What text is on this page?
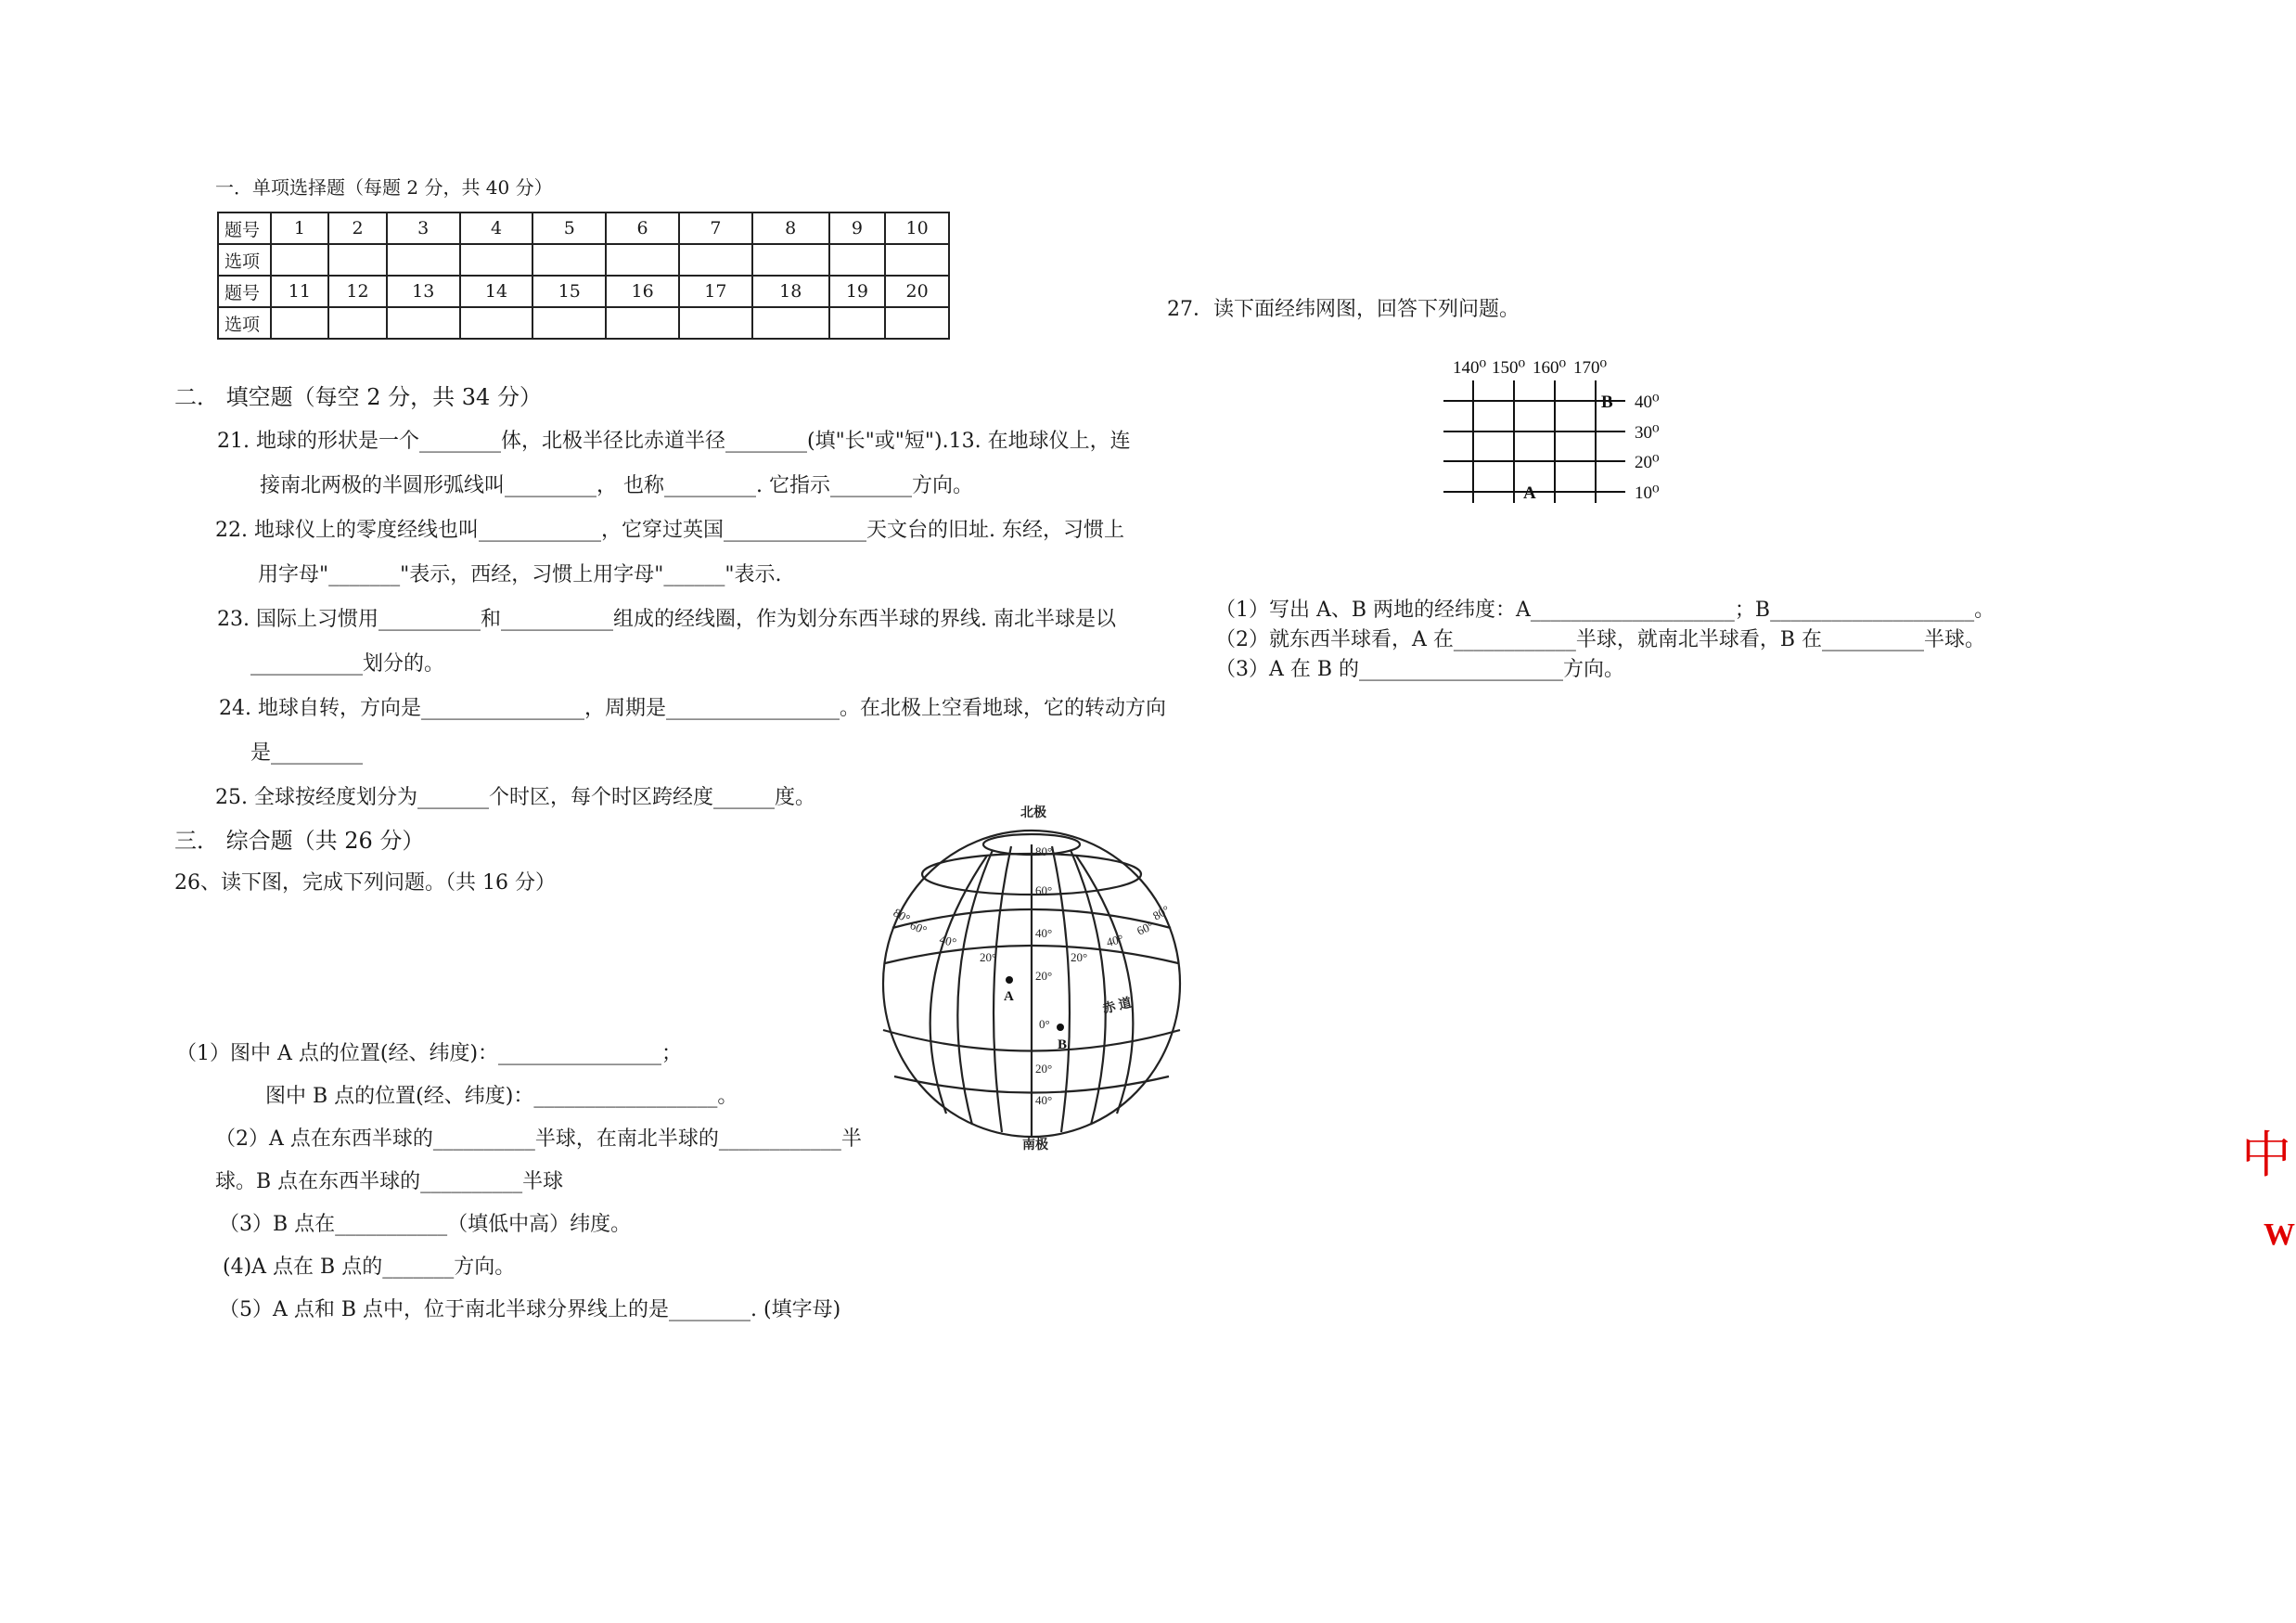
一．单项选择题（每题 2 分，共 40 分）
题号	1	2	3	4	5	6	7	8	9	10
选项										
题号	11	12	13	14	15	16	17	18	19	20
选项										
二． 填空题（每空 2 分，共 34 分）
21. 地球的形状是一个________体，北极半径比赤道半径________(填"长"或"短").13. 在地球仪上，连
接南北两极的半圆形弧线叫_________， 也称_________. 它指示________方向。
22. 地球仪上的零度经线也叫____________，它穿过英国______________天文台的旧址. 东经，习惯上
用字母"_______"表示，西经，习惯上用字母"______"表示.
23. 国际上习惯用__________和___________组成的经线圈，作为划分东西半球的界线. 南北半球是以
___________划分的。
24. 地球自转，方向是________________，周期是_________________。在北极上空看地球，它的转动方向
是_________
25. 全球按经度划分为_______个时区，每个时区跨经度______度。
三． 综合题（共 26 分）
26、读下图，完成下列问题。（共 16 分）
（1）图中 A 点的位置(经、纬度)：________________；
图中 B 点的位置(经、纬度)：__________________。
（2）A 点在东西半球的__________半球，在南北半球的____________半
球。B 点在东西半球的__________半球
（3）B 点在___________（填低中高）纬度。
(4)A 点在 B 点的_______方向。
（5）A 点和 B 点中，位于南北半球分界线上的是________. (填字母)
北极
南极
赤 道
80°
60°
40°
20°
0°
20°
40°
80°
60°
40°
20°	20°
40°
60°
80°
A
B
27．读下面经纬网图，回答下列问题。
140⁰ 150⁰ 160⁰ 170⁰
40⁰
30⁰
20⁰
10⁰
B
A
（1）写出 A、B 两地的经纬度：A____________________；B____________________。
（2）就东西半球看，A 在____________半球，就南北半球看，B 在__________半球。
（3）A 在 B 的____________________方向。
中
W
